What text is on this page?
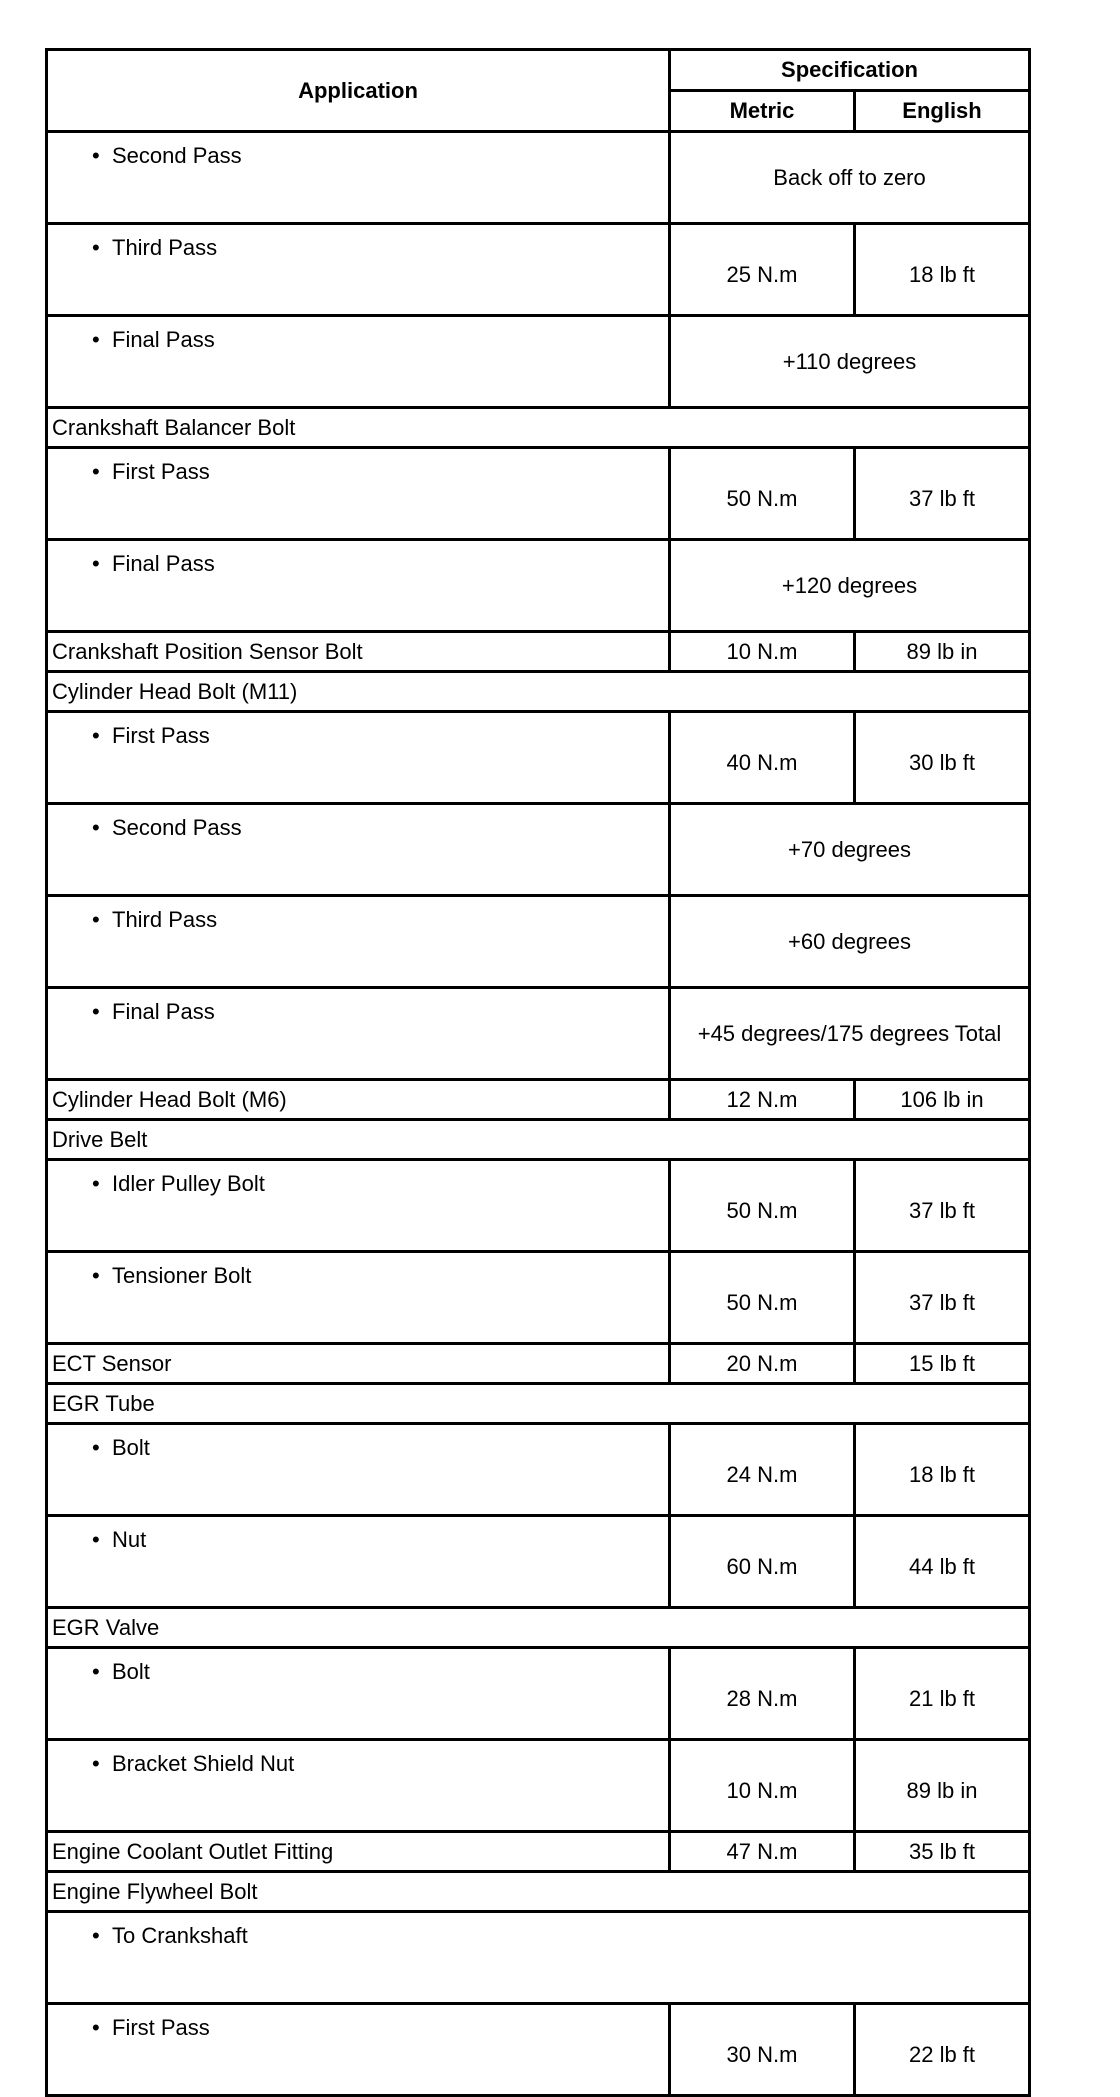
Application	Specification	
	Metric	English
• Second Pass	Back off to zero	
• Third Pass	25 N.m	18 lb ft
• Final Pass	+110 degrees	
Crankshaft Balancer Bolt		
• First Pass	50 N.m	37 lb ft
• Final Pass	+120 degrees	
Crankshaft Position Sensor Bolt	10 N.m	89 lb in
Cylinder Head Bolt (M11)		
• First Pass	40 N.m	30 lb ft
• Second Pass	+70 degrees	
• Third Pass	+60 degrees	
• Final Pass	+45 degrees/175 degrees Total	
Cylinder Head Bolt (M6)	12 N.m	106 lb in
Drive Belt		
• Idler Pulley Bolt	50 N.m	37 lb ft
• Tensioner Bolt	50 N.m	37 lb ft
ECT Sensor	20 N.m	15 lb ft
EGR Tube		
• Bolt	24 N.m	18 lb ft
• Nut	60 N.m	44 lb ft
EGR Valve		
• Bolt	28 N.m	21 lb ft
• Bracket Shield Nut	10 N.m	89 lb in
Engine Coolant Outlet Fitting	47 N.m	35 lb ft
Engine Flywheel Bolt		
• To Crankshaft		
• First Pass	30 N.m	22 lb ft
